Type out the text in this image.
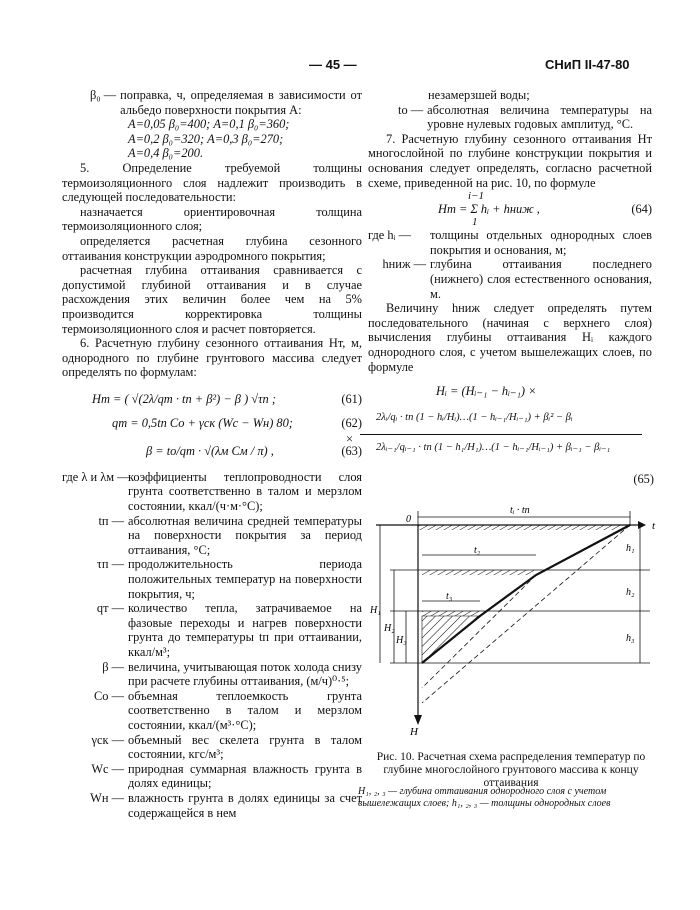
— 45 —	СНиП II-47-80
β₀ — поправка, ч, определяемая в зависимости от альбедо поверхности покрытия A:
A=0,05 β₀=400; A=0,1 β₀=360;
A=0,2 β₀=320; A=0,3 β₀=270;
A=0,4 β₀=200.

5. Определение требуемой толщины термоизоляционного слоя надлежит производить в следующей последовательности:

назначается ориентировочная толщина термоизоляционного слоя;

определяется расчетная глубина сезонного оттаивания конструкции аэродромного покрытия;

расчетная глубина оттаивания сравнивается с допустимой глубиной оттаивания и в случае расхождения этих величин более чем на 5% производится корректировка толщины термоизоляционного слоя и расчет повторяется.

6. Расчетную глубину сезонного оттаивания Hт, м, однородного по глубине грунтового массива следует определять по формулам:

Hт = ( √(2λ/qт · tп + β²) − β ) √τп ;	(61)
qт = 0,5tп Cо + γск (Wс − Wн) 80;	(62)
β = tо/qт · √(λм Cм / π) ,	(63)
где λ и λм —
коэффициенты теплопроводности слоя грунта соответственно в талом и мерзлом состоянии, ккал/(ч·м·°С);
tп — абсолютная величина средней температуры на поверхности покрытия за период оттаивания, °С;
τп — продолжительность периода положительных температур на поверхности покрытия, ч;
qт — количество тепла, затрачиваемое на фазовые переходы и нагрев поверхности грунта до температуры tп при оттаивании, ккал/м³;
β — величина, учитывающая поток холода снизу при расчете глубины оттаивания, (м/ч)⁰·⁵;
Cо — объемная теплоемкость грунта соответственно в талом и мерзлом состоянии, ккал/(м³·°С);
γск — объемный вес скелета грунта в талом состоянии, кгс/м³;
Wс — природная суммарная влажность грунта в долях единицы;
Wн — влажность грунта в долях единицы за счет содержащейся в нем
незамерзшей воды;
tо — абсолютная величина температуры на уровне нулевых годовых амплитуд, °С.

7. Расчетную глубину сезонного оттаивания Hт многослойной по глубине конструкции покрытия и основания следует определять, согласно расчетной схеме, приведенной на рис. 10, по формуле

i−1
Hт = Σ hᵢ + hниж ,
1
(64)
где hᵢ —	толщины отдельных однородных слоев покрытия и основания, м;
hниж — глубина оттаивания последнего (нижнего) слоя естественного основания, м.

Величину hниж следует определять путем последовательного (начиная с верхнего слоя) вычисления глубины оттаивания Hᵢ каждого однородного слоя, с учетом вышележащих слоев, по формуле

Hᵢ = (Hᵢ₋₁ − hᵢ₋₁) ×
×
2λᵢ/qᵢ · tп (1 − hᵢ/Hᵢ)…(1 − hᵢ₋₁/Hᵢ₋₁) + βᵢ² − βᵢ
2λᵢ₋₁/qᵢ₋₁ · tп (1 − h₁/H₁)…(1 − hᵢ₋₁/Hᵢ₋₁) + βᵢ₋₁ − βᵢ₋₁
(65)
tᵢ · tп
t
0
H
t₂
t₃
h₁
h₂
h₃
H₁
H₂
H₃
Рис. 10. Расчетная схема распределения температур по глубине многослойного грунтового массива к концу оттаивания
H₁, ₂, ₃ — глубина оттаивания однородного слоя с учетом вышележащих слоев; h₁, ₂, ₃ — толщины однородных слоев
